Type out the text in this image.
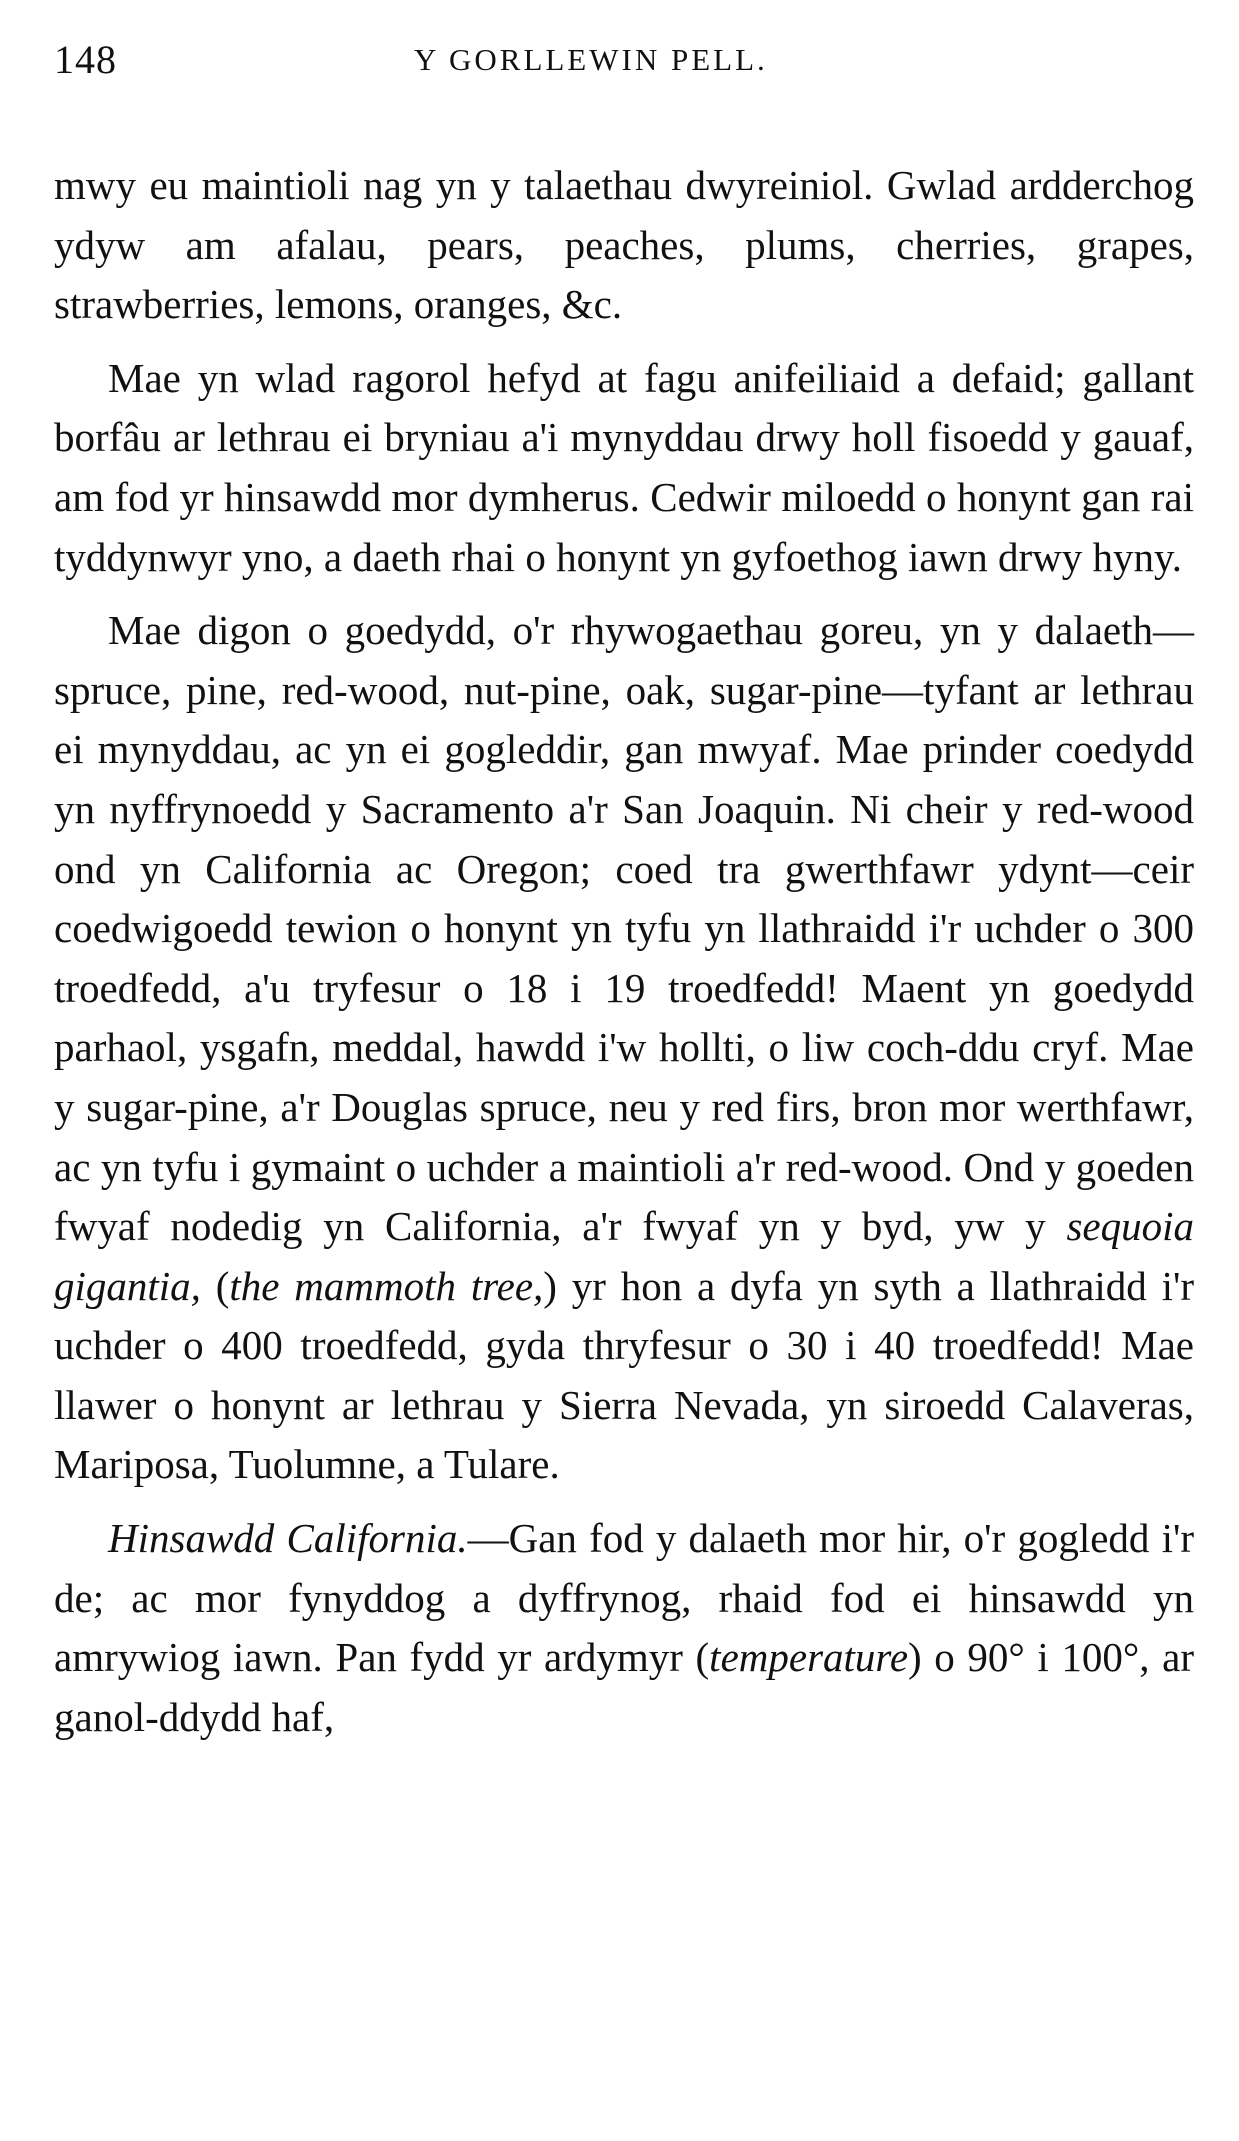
148	Y GORLLEWIN PELL.

mwy eu maintioli nag yn y talaethau dwyreiniol. Gwlad ardderchog ydyw am afalau, pears, peaches, plums, cherries, grapes, strawberries, lemons, oranges, &c.

Mae yn wlad ragorol hefyd at fagu anifeiliaid a defaid; gallant borfâu ar lethrau ei bryniau a'i mynyddau drwy holl fisoedd y gauaf, am fod yr hinsawdd mor dymherus. Cedwir miloedd o honynt gan rai tyddynwyr yno, a daeth rhai o honynt yn gyfoethog iawn drwy hyny.

Mae digon o goedydd, o'r rhywogaethau goreu, yn y dalaeth—spruce, pine, red-wood, nut-pine, oak, sugar-pine—tyfant ar lethrau ei mynyddau, ac yn ei gogleddir, gan mwyaf. Mae prinder coedydd yn nyffrynoedd y Sacramento a'r San Joaquin. Ni cheir y red-wood ond yn California ac Oregon; coed tra gwerthfawr ydynt—ceir coedwigoedd tewion o honynt yn tyfu yn llathraidd i'r uchder o 300 troedfedd, a'u tryfesur o 18 i 19 troedfedd! Maent yn goedydd parhaol, ysgafn, meddal, hawdd i'w hollti, o liw coch-ddu cryf. Mae y sugar-pine, a'r Douglas spruce, neu y red firs, bron mor werthfawr, ac yn tyfu i gymaint o uchder a maintioli a'r red-wood. Ond y goeden fwyaf nodedig yn California, a'r fwyaf yn y byd, yw y sequoia gigantia, (the mammoth tree,) yr hon a dyfa yn syth a llathraidd i'r uchder o 400 troedfedd, gyda thryfesur o 30 i 40 troedfedd! Mae llawer o honynt ar lethrau y Sierra Nevada, yn siroedd Calaveras, Mariposa, Tuolumne, a Tulare.

Hinsawdd California.—Gan fod y dalaeth mor hir, o'r gogledd i'r de; ac mor fynyddog a dyffrynog, rhaid fod ei hinsawdd yn amrywiog iawn. Pan fydd yr ardymyr (temperature) o 90° i 100°, ar ganol-ddydd haf,
